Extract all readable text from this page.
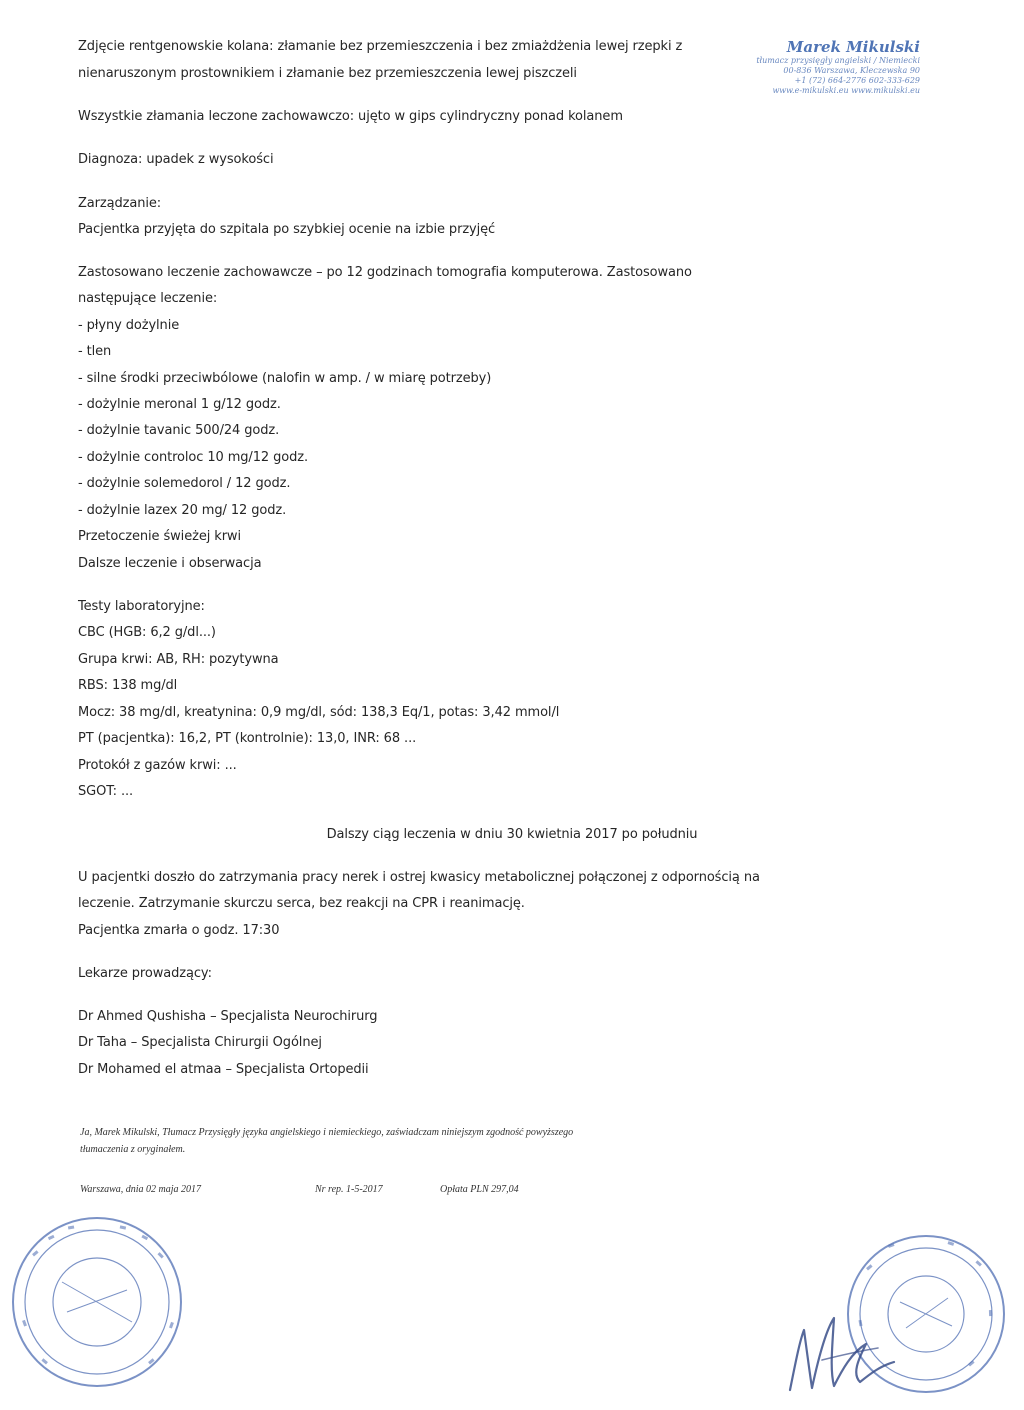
Marek Mikulski
tłumacz przysięgły angielski / Niemiecki
00-836 Warszawa, Kleczewska 90
+1 (72) 664-2776 602-333-629
www.e-mikulski.eu www.mikulski.eu

Zdjęcie rentgenowskie kolana: złamanie bez przemieszczenia i bez zmiażdżenia lewej rzepki z

nienaruszonym prostownikiem i złamanie bez przemieszczenia lewej piszczeli

Wszystkie złamania leczone zachowawczo: ujęto w gips cylindryczny ponad kolanem

Diagnoza: upadek z wysokości

Zarządzanie:

Pacjentka przyjęta do szpitala po szybkiej ocenie na izbie przyjęć

Zastosowano leczenie zachowawcze – po 12 godzinach tomografia komputerowa. Zastosowano

następujące leczenie:

- płyny dożylnie

- tlen

- silne środki przeciwbólowe (nalofin w amp. / w miarę potrzeby)

- dożylnie meronal 1 g/12 godz.

- dożylnie tavanic 500/24 godz.

- dożylnie controloc 10 mg/12 godz.

- dożylnie solemedorol / 12 godz.

- dożylnie lazex 20 mg/ 12 godz.

Przetoczenie świeżej krwi

Dalsze leczenie i obserwacja

Testy laboratoryjne:

CBC (HGB: 6,2 g/dl...)

Grupa krwi: AB, RH: pozytywna

RBS: 138 mg/dl

Mocz: 38 mg/dl, kreatynina: 0,9 mg/dl, sód: 138,3 Eq/1, potas: 3,42 mmol/l

PT (pacjentka): 16,2, PT (kontrolnie): 13,0, INR: 68 ...

Protokół z gazów krwi: ...

SGOT: ...

Dalszy ciąg leczenia w dniu 30 kwietnia 2017 po południu

U pacjentki doszło do zatrzymania pracy nerek i ostrej kwasicy metabolicznej połączonej z odpornością na

leczenie. Zatrzymanie skurczu serca, bez reakcji na CPR i reanimację.

Pacjentka zmarła o godz. 17:30

Lekarze prowadzący:

Dr Ahmed Qushisha – Specjalista Neurochirurg

Dr Taha – Specjalista Chirurgii Ogólnej

Dr Mohamed el atmaa – Specjalista Ortopedii

Ja, Marek Mikulski, Tłumacz Przysięgły języka angielskiego i niemieckiego, zaświadczam niniejszym zgodność powyższego

tłumaczenia z oryginałem.

Warszawa, dnia 02 maja 2017	Nr rep. 1-5-2017	Opłata PLN 297,04
